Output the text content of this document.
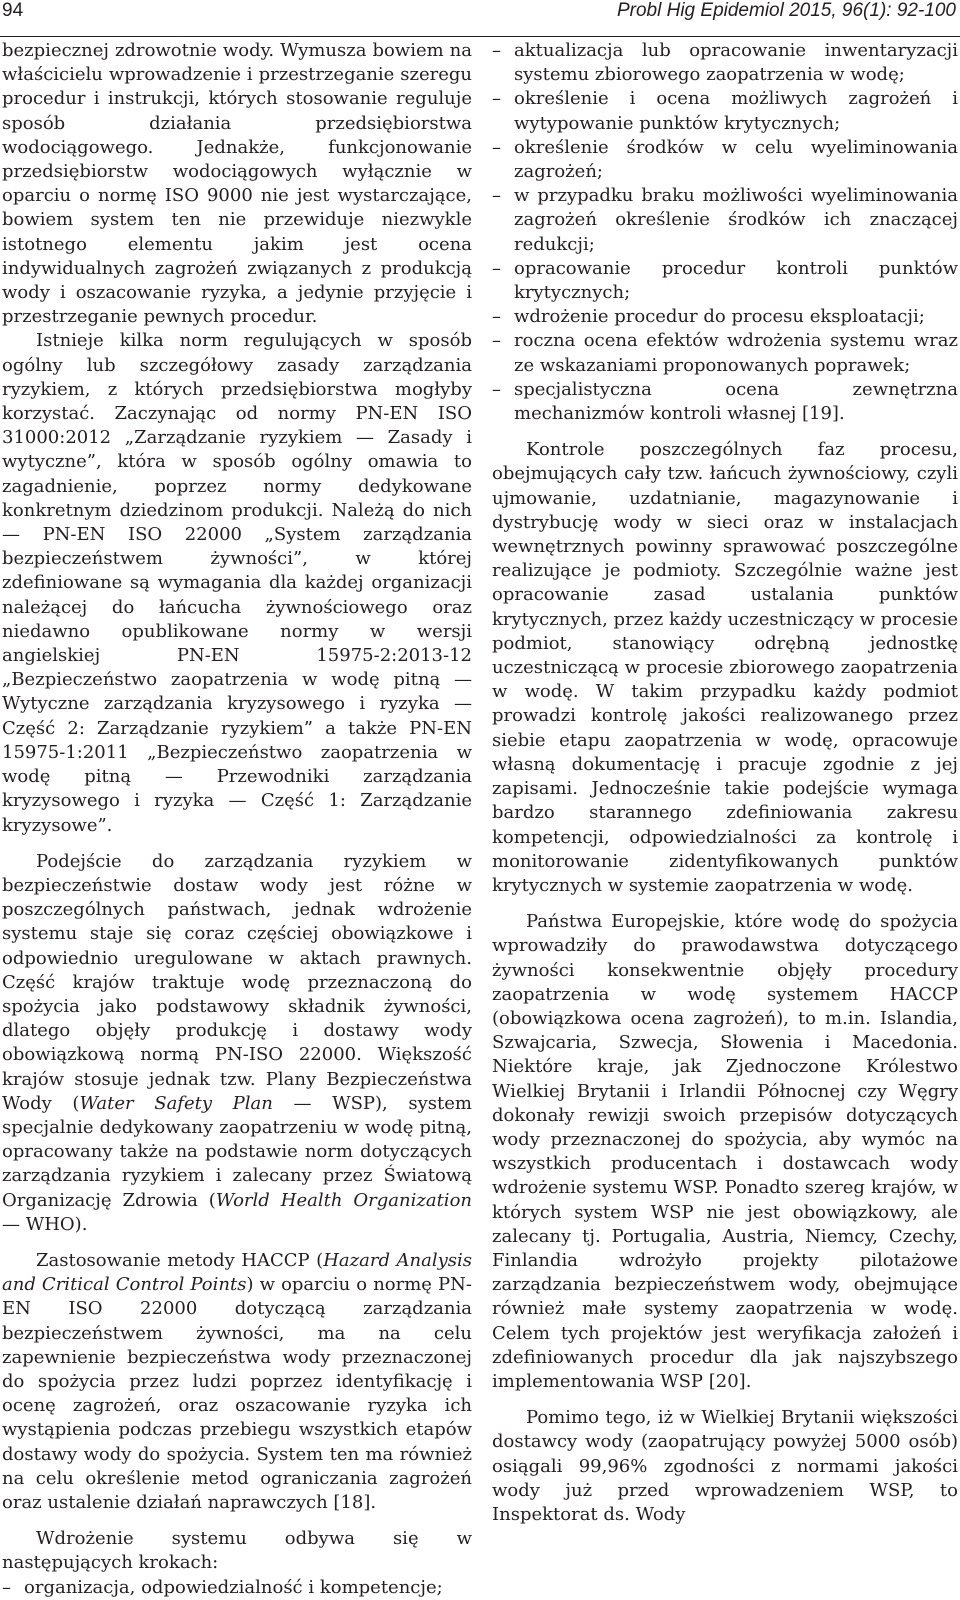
94	Probl Hig Epidemiol 2015, 96(1): 92-100

bezpiecznej zdrowotnie wody. Wymusza bowiem na właścicielu wprowadzenie i przestrzeganie szeregu procedur i instrukcji, których stosowanie reguluje sposób działania przedsiębiorstwa wodociągowego. Jednakże, funkcjonowanie przedsiębiorstw wodociągowych wyłącznie w oparciu o normę ISO 9000 nie jest wystarczające, bowiem system ten nie przewiduje niezwykle istotnego elementu jakim jest ocena indywidualnych zagrożeń związanych z produkcją wody i oszacowanie ryzyka, a jedynie przyjęcie i przestrzeganie pewnych procedur.

Istnieje kilka norm regulujących w sposób ogólny lub szczegółowy zasady zarządzania ryzykiem, z których przedsiębiorstwa mogłyby korzystać. Zaczynając od normy PN-EN ISO 31000:2012 „Zarządzanie ryzykiem — Zasady i wytyczne”, która w sposób ogólny omawia to zagadnienie, poprzez normy dedykowane konkretnym dziedzinom produkcji. Należą do nich — PN-EN ISO 22000 „System zarządzania bezpieczeństwem żywności”, w której zdefiniowane są wymagania dla każdej organizacji należącej do łańcucha żywnościowego oraz niedawno opublikowane normy w wersji angielskiej PN-EN 15975-2:2013-12 „Bezpieczeństwo zaopatrzenia w wodę pitną — Wytyczne zarządzania kryzysowego i ryzyka — Część 2: Zarządzanie ryzykiem” a także PN-EN 15975-1:2011 „Bezpieczeństwo zaopatrzenia w wodę pitną — Przewodniki zarządzania kryzysowego i ryzyka — Część 1: Zarządzanie kryzysowe”.

Podejście do zarządzania ryzykiem w bezpieczeństwie dostaw wody jest różne w poszczególnych państwach, jednak wdrożenie systemu staje się coraz częściej obowiązkowe i odpowiednio uregulowane w aktach prawnych. Część krajów traktuje wodę przeznaczoną do spożycia jako podstawowy składnik żywności, dlatego objęły produkcję i dostawy wody obowiązkową normą PN-ISO 22000. Większość krajów stosuje jednak tzw. Plany Bezpieczeństwa Wody (Water Safety Plan — WSP), system specjalnie dedykowany zaopatrzeniu w wodę pitną, opracowany także na podstawie norm dotyczących zarządzania ryzykiem i zalecany przez Światową Organizację Zdrowia (World Health Organization — WHO).

Zastosowanie metody HACCP (Hazard Analysis and Critical Control Points) w oparciu o normę PN-EN ISO 22000 dotyczącą zarządzania bezpieczeństwem żywności, ma na celu zapewnienie bezpieczeństwa wody przeznaczonej do spożycia przez ludzi poprzez identyfikację i ocenę zagrożeń, oraz oszacowanie ryzyka ich wystąpienia podczas przebiegu wszystkich etapów dostawy wody do spożycia. System ten ma również na celu określenie metod ograniczania zagrożeń oraz ustalenie działań naprawczych [18].

Wdrożenie systemu odbywa się w następujących krokach:

– organizacja, odpowiedzialność i kompetencje;
– aktualizacja lub opracowanie inwentaryzacji systemu zbiorowego zaopatrzenia w wodę;
– określenie i ocena możliwych zagrożeń i wytypowanie punktów krytycznych;
– określenie środków w celu wyeliminowania zagrożeń;
– w przypadku braku możliwości wyeliminowania zagrożeń określenie środków ich znaczącej redukcji;
– opracowanie procedur kontroli punktów krytycznych;
– wdrożenie procedur do procesu eksploatacji;
– roczna ocena efektów wdrożenia systemu wraz ze wskazaniami proponowanych poprawek;
– specjalistyczna ocena zewnętrzna mechanizmów kontroli własnej [19].

Kontrole poszczególnych faz procesu, obejmujących cały tzw. łańcuch żywnościowy, czyli ujmowanie, uzdatnianie, magazynowanie i dystrybucję wody w sieci oraz w instalacjach wewnętrznych powinny sprawować poszczególne realizujące je podmioty. Szczególnie ważne jest opracowanie zasad ustalania punktów krytycznych, przez każdy uczestniczący w procesie podmiot, stanowiący odrębną jednostkę uczestniczącą w procesie zbiorowego zaopatrzenia w wodę. W takim przypadku każdy podmiot prowadzi kontrolę jakości realizowanego przez siebie etapu zaopatrzenia w wodę, opracowuje własną dokumentację i pracuje zgodnie z jej zapisami. Jednocześnie takie podejście wymaga bardzo starannego zdefiniowania zakresu kompetencji, odpowiedzialności za kontrolę i monitorowanie zidentyfikowanych punktów krytycznych w systemie zaopatrzenia w wodę.

Państwa Europejskie, które wodę do spożycia wprowadziły do prawodawstwa dotyczącego żywności konsekwentnie objęły procedury zaopatrzenia w wodę systemem HACCP (obowiązkowa ocena zagrożeń), to m.in. Islandia, Szwajcaria, Szwecja, Słowenia i Macedonia. Niektóre kraje, jak Zjednoczone Królestwo Wielkiej Brytanii i Irlandii Północnej czy Węgry dokonały rewizji swoich przepisów dotyczących wody przeznaczonej do spożycia, aby wymóc na wszystkich producentach i dostawcach wody wdrożenie systemu WSP. Ponadto szereg krajów, w których system WSP nie jest obowiązkowy, ale zalecany tj. Portugalia, Austria, Niemcy, Czechy, Finlandia wdrożyło projekty pilotażowe zarządzania bezpieczeństwem wody, obejmujące również małe systemy zaopatrzenia w wodę. Celem tych projektów jest weryfikacja założeń i zdefiniowanych procedur dla jak najszybszego implementowania WSP [20].

Pomimo tego, iż w Wielkiej Brytanii większości dostawcy wody (zaopatrujący powyżej 5000 osób) osiągali 99,96% zgodności z normami jakości wody już przed wprowadzeniem WSP, to Inspektorat ds. Wody
